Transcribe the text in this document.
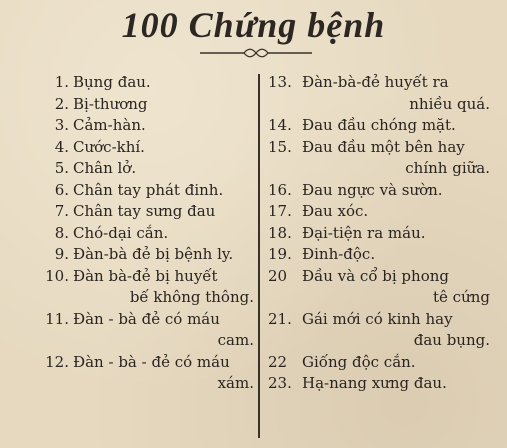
100 Chứng bệnh
1. Bụng đau.
2. Bị-thương
3. Cảm-hàn.
4. Cước-khí.
5. Chân lở.
6. Chân tay phát đinh.
7. Chân tay sưng đau
8. Chó-dại cắn.
9. Đàn-bà đẻ bị bệnh ly.
10. Đàn bà-đẻ bị huyết
bế không thông.
11. Đàn - bà đẻ có máu
cam.
12. Đàn - bà - đẻ có máu
xám.
13. Đàn-bà-đẻ huyết ra
nhiều quá.
14. Đau đầu chóng mặt.
15. Đau đầu một bên hay
chính giữa.
16. Đau ngực và sườn.
17. Đau xóc.
18. Đại-tiện ra máu.
19. Đinh-độc.
20 Đầu và cổ bị phong
tê cứng
21. Gái mới có kinh hay
đau bụng.
22 Giống độc cắn.
23. Hạ-nang xưng đau.
